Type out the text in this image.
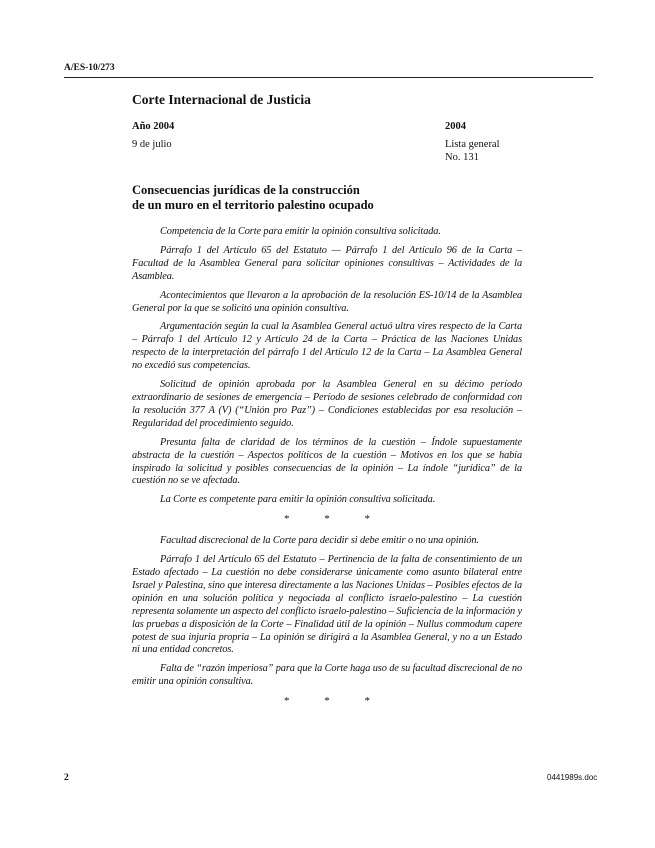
A/ES-10/273
Corte Internacional de Justicia
Año 2004
9 de julio
2004
Lista general
No. 131
Consecuencias jurídicas de la construcción
de un muro en el territorio palestino ocupado

Competencia de la Corte para emitir la opinión consultiva solicitada.

Párrafo 1 del Artículo 65 del Estatuto — Párrafo 1 del Artículo 96 de la Carta – Facultad de la Asamblea General para solicitar opiniones consultivas – Actividades de la Asamblea.

Acontecimientos que llevaron a la aprobación de la resolución ES-10/14 de la Asamblea General por la que se solicitó una opinión consultiva.

Argumentación según la cual la Asamblea General actuó ultra vires respecto de la Carta – Párrafo 1 del Artículo 12 y Artículo 24 de la Carta – Práctica de las Naciones Unidas respecto de la interpretación del párrafo 1 del Artículo 12 de la Carta – La Asamblea General no excedió sus competencias.

Solicitud de opinión aprobada por la Asamblea General en su décimo período extraordinario de sesiones de emergencia – Período de sesiones celebrado de conformidad con la resolución 377 A (V) (“Unión pro Paz”) – Condiciones establecidas por esa resolución – Regularidad del procedimiento seguido.

Presunta falta de claridad de los términos de la cuestión – Índole supuestamente abstracta de la cuestión – Aspectos políticos de la cuestión – Motivos en los que se había inspirado la solicitud y posibles consecuencias de la opinión – La índole “jurídica” de la cuestión no se ve afectada.

La Corte es competente para emitir la opinión consultiva solicitada.

* * *

Facultad discrecional de la Corte para decidir si debe emitir o no una opinión.

Párrafo 1 del Artículo 65 del Estatuto – Pertinencia de la falta de consentimiento de un Estado afectado – La cuestión no debe considerarse únicamente como asunto bilateral entre Israel y Palestina, sino que interesa directamente a las Naciones Unidas – Posibles efectos de la opinión en una solución política y negociada al conflicto israelo-palestino – La cuestión representa solamente un aspecto del conflicto israelo-palestino – Suficiencia de la información y las pruebas a disposición de la Corte – Finalidad útil de la opinión – Nullus commodum capere potest de sua injuria propria – La opinión se dirigirá a la Asamblea General, y no a un Estado ni una entidad concretos.

Falta de “razón imperiosa” para que la Corte haga uso de su facultad discrecional de no emitir una opinión consultiva.

* * *
2	0441989s.doc
